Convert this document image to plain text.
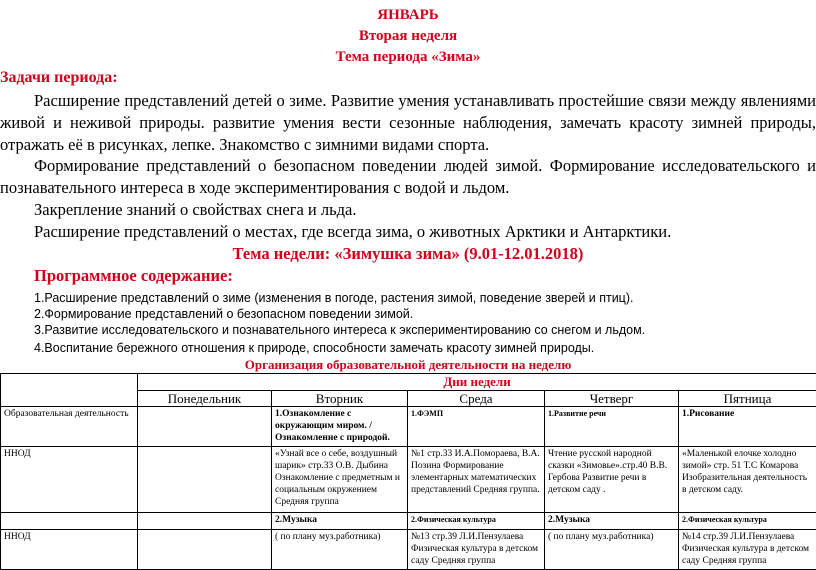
ЯНВАРЬ
Вторая неделя
Тема периода «Зима»
Задачи периода:
Расширение представлений детей о зиме. Развитие умения устанавливать простейшие связи между явлениями живой и неживой природы. развитие умения вести сезонные наблюдения, замечать красоту зимней природы, отражать её в рисунках, лепке. Знакомство с зимними видами спорта.
Формирование представлений о безопасном поведении людей зимой. Формирование исследовательского и познавательного интереса в ходе экспериментирования с водой и льдом.
Закрепление знаний о свойствах снега и льда.
Расширение представлений о местах, где всегда зима, о животных Арктики и Антарктики.
Тема недели: «Зимушка зима» (9.01-12.01.2018)
Программное содержание:
1.Расширение представлений о зиме (изменения в погоде, растения зимой, поведение зверей и птиц).
2.Формирование представлений о безопасном поведении зимой.
3.Развитие исследовательского и познавательного интереса к экспериментированию со снегом и льдом.
4.Воспитание бережного отношения к природе, способности замечать красоту зимней природы.
Организация образовательной деятельности на неделю
	Дни недели				
	Понедельник	Вторник	Среда	Четверг	Пятница
Образовательная деятельность		1.Ознакомление с окружающим миром. /Ознакомление с природой.	1.ФЭМП	1.Развитие речи	1.Рисование
ННОД		«Узнай все о себе, воздушный шарик» стр.33 О.В. Дыбина Ознакомление с предметным и социальным окружением Средняя группа	№1 стр.33 И.А.Помораева, В.А. Позина Формирование элементарных математических представлений Средняя группа.	Чтение русской народной сказки «Зимовье».стр.40 В.В. Гербова Развитие речи в детском саду .	«Маленькой елочке холодно зимой» стр. 51 Т.С Комарова Изобразительная деятельность в детском саду.
		2.Музыка	2.Физическая культура	2.Музыка	2.Физическая культура
ННОД		( по плану муз.работника)	№13 стр.39 Л.И.Пензулаева Физическая культура в детском саду Средняя группа	( по плану муз.работника)	№14 стр.39 Л.И.Пензулаева Физическая культура в детском саду Средняя группа
